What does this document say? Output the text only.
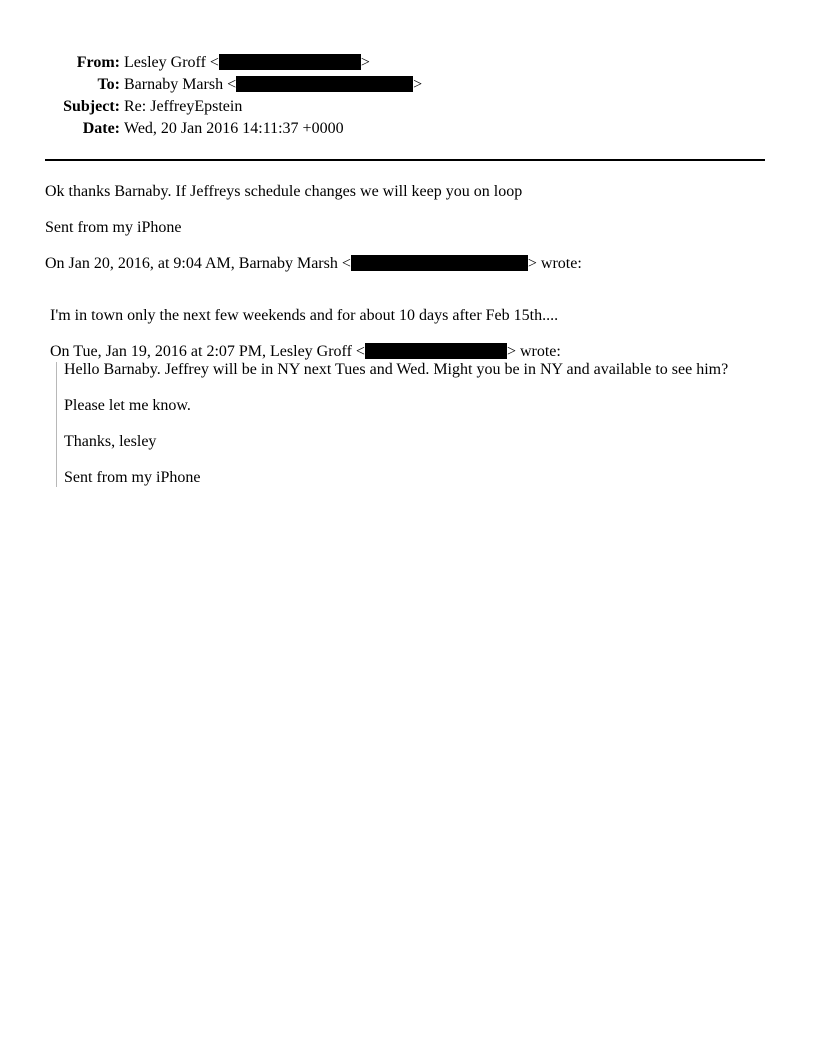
From: Lesley Groff <	>
To: Barnaby Marsh <	>
Subject: Re: JeffreyEpstein
Date: Wed, 20 Jan 2016 14:11:37 +0000
Ok thanks Barnaby. If Jeffreys schedule changes we will keep you on loop
Sent from my iPhone
On Jan 20, 2016, at 9:04 AM, Barnaby Marsh <	> wrote:
I'm in town only the next few weekends and for about 10 days after Feb 15th....
On Tue, Jan 19, 2016 at 2:07 PM, Lesley Groff <	> wrote:
Hello Barnaby. Jeffrey will be in NY next Tues and Wed. Might you be in NY and available to see him?
Please let me know.
Thanks, lesley
Sent from my iPhone
